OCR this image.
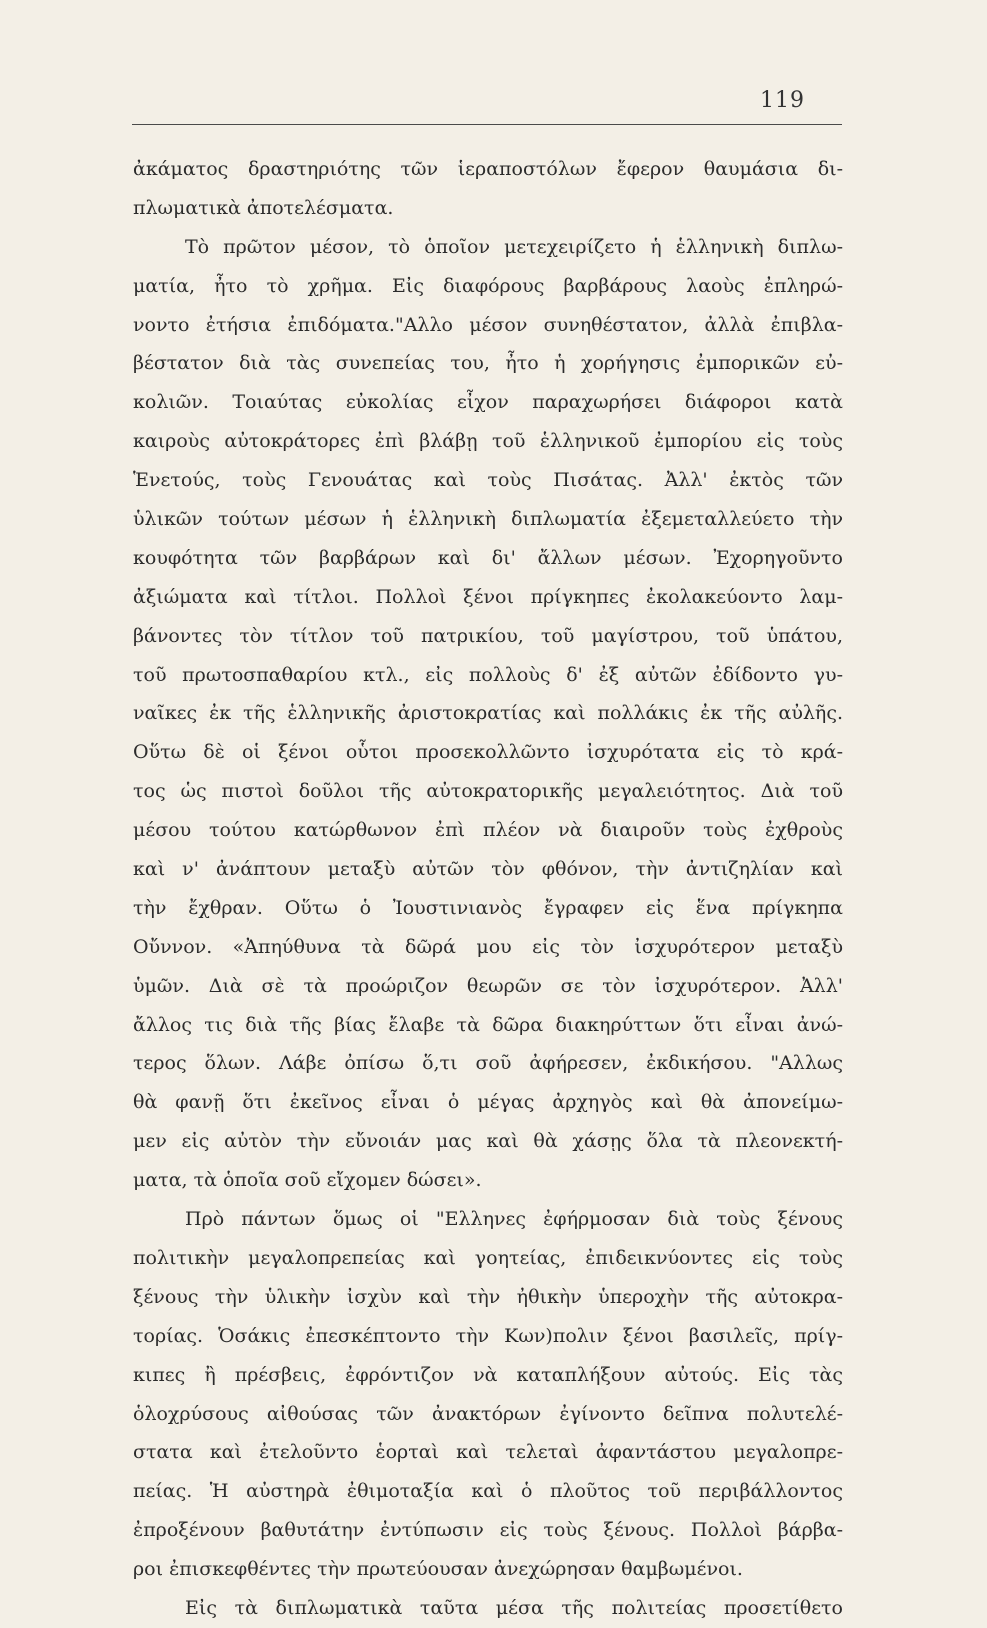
119
ἀκάματος δραστηριότης τῶν ἱεραποστόλων ἔφερον θαυμάσια δι-
πλωματικὰ ἀποτελέσματα.
Τὸ πρῶτον μέσον, τὸ ὁποῖον μετεχειρίζετο ἡ ἑλληνικὴ διπλω-
ματία, ἦτο τὸ χρῆμα. Εἰς διαφόρους βαρβάρους λαοὺς ἐπληρώ-
νοντο ἐτήσια ἐπιδόματα."Αλλο μέσον συνηθέστατον, ἀλλὰ ἐπιβλα-
βέστατον διὰ τὰς συνεπείας του, ἦτο ἡ χορήγησις ἐμπορικῶν εὐ-
κολιῶν. Τοιαύτας εὐκολίας εἶχον παραχωρήσει διάφοροι κατὰ
καιροὺς αὐτοκράτορες ἐπὶ βλάβῃ τοῦ ἑλληνικοῦ ἐμπορίου εἰς τοὺς
Ἑνετούς, τοὺς Γενουάτας καὶ τοὺς Πισάτας. Ἀλλ' ἐκτὸς τῶν
ὑλικῶν τούτων μέσων ἡ ἑλληνικὴ διπλωματία ἐξεμεταλλεύετο τὴν
κουφότητα τῶν βαρβάρων καὶ δι' ἄλλων μέσων. Ἐχορηγοῦντο
ἀξιώματα καὶ τίτλοι. Πολλοὶ ξένοι πρίγκηπες ἐκολακεύοντο λαμ-
βάνοντες τὸν τίτλον τοῦ πατρικίου, τοῦ μαγίστρου, τοῦ ὑπάτου,
τοῦ πρωτοσπαθαρίου κτλ., εἰς πολλοὺς δ' ἐξ αὐτῶν ἐδίδοντο γυ-
ναῖκες ἐκ τῆς ἑλληνικῆς ἀριστοκρατίας καὶ πολλάκις ἐκ τῆς αὐλῆς.
Οὕτω δὲ οἱ ξένοι οὗτοι προσεκολλῶντο ἰσχυρότατα εἰς τὸ κρά-
τος ὡς πιστοὶ δοῦλοι τῆς αὐτοκρατορικῆς μεγαλειότητος. Διὰ τοῦ
μέσου τούτου κατώρθωνον ἐπὶ πλέον νὰ διαιροῦν τοὺς ἐχθροὺς
καὶ ν' ἀνάπτουν μεταξὺ αὐτῶν τὸν φθόνον, τὴν ἀντιζηλίαν καὶ
τὴν ἔχθραν. Οὕτω ὁ Ἰουστινιανὸς ἔγραφεν εἰς ἕνα πρίγκηπα
Οὔννον. «Ἀπηύθυνα τὰ δῶρά μου εἰς τὸν ἰσχυρότερον μεταξὺ
ὑμῶν. Διὰ σὲ τὰ προώριζον θεωρῶν σε τὸν ἰσχυρότερον. Ἀλλ'
ἄλλος τις διὰ τῆς βίας ἔλαβε τὰ δῶρα διακηρύττων ὅτι εἶναι ἀνώ-
τερος ὅλων. Λάβε ὀπίσω ὅ,τι σοῦ ἀφήρεσεν, ἐκδικήσου. "Αλλως
θὰ φανῇ ὅτι ἐκεῖνος εἶναι ὁ μέγας ἀρχηγὸς καὶ θὰ ἀπονείμω-
μεν εἰς αὐτὸν τὴν εὔνοιάν μας καὶ θὰ χάσῃς ὅλα τὰ πλεονεκτή-
ματα, τὰ ὁποῖα σοῦ εἴχομεν δώσει».
Πρὸ πάντων ὅμως οἱ "Ελληνες ἐφήρμοσαν διὰ τοὺς ξένους
πολιτικὴν μεγαλοπρεπείας καὶ γοητείας, ἐπιδεικνύοντες εἰς τοὺς
ξένους τὴν ὑλικὴν ἰσχὺν καὶ τὴν ἠθικὴν ὑπεροχὴν τῆς αὐτοκρα-
τορίας. Ὁσάκις ἐπεσκέπτοντο τὴν Κων)πολιν ξένοι βασιλεῖς, πρίγ-
κιπες ἢ πρέσβεις, ἐφρόντιζον νὰ καταπλήξουν αὐτούς. Εἰς τὰς
ὁλοχρύσους αἰθούσας τῶν ἀνακτόρων ἐγίνοντο δεῖπνα πολυτελέ-
στατα καὶ ἐτελοῦντο ἑορταὶ καὶ τελεταὶ ἀφαντάστου μεγαλοπρε-
πείας. Ἡ αὐστηρὰ ἐθιμοταξία καὶ ὁ πλοῦτος τοῦ περιβάλλοντος
ἐπροξένουν βαθυτάτην ἐντύπωσιν εἰς τοὺς ξένους. Πολλοὶ βάρβα-
ροι ἐπισκεφθέντες τὴν πρωτεύουσαν ἀνεχώρησαν θαμβωμένοι.
Εἰς τὰ διπλωματικὰ ταῦτα μέσα τῆς πολιτείας προσετίθετο
